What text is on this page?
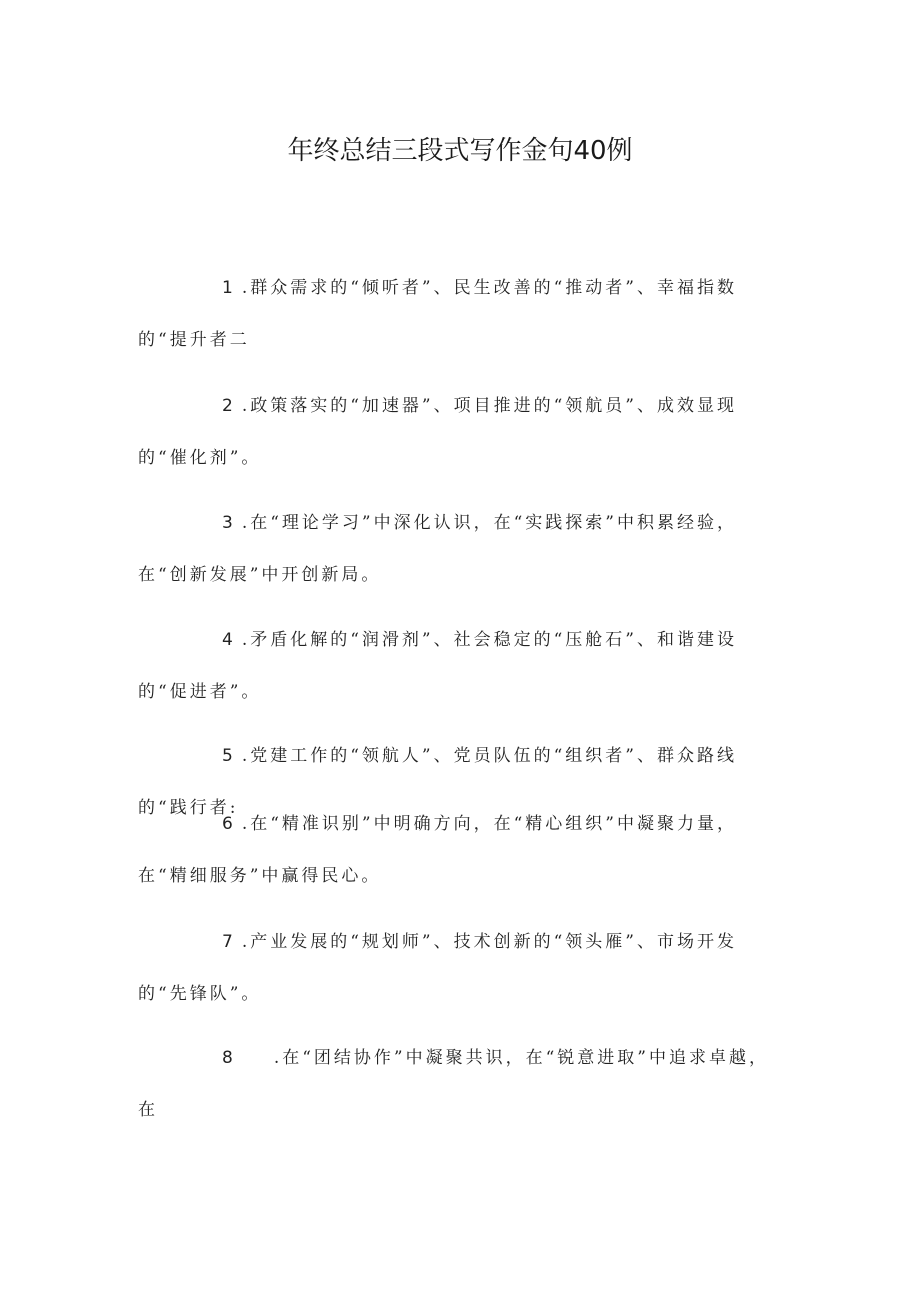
年终总结三段式写作金句40例
1 .群众需求的“倾听者”、民生改善的“推动者”、幸福指数的“提升者二
2 .政策落实的“加速器”、项目推进的“领航员”、成效显现的“催化剂”。
3 .在“理论学习”中深化认识，在“实践探索”中积累经验，在“创新发展”中开创新局。
4 .矛盾化解的“润滑剂”、社会稳定的“压舱石”、和谐建设的“促进者”。
5 .党建工作的“领航人”、党员队伍的“组织者”、群众路线的“践行者:
6 .在“精准识别”中明确方向，在“精心组织”中凝聚力量，在“精细服务”中赢得民心。
7 .产业发展的“规划师”、技术创新的“领头雁”、市场开发的“先锋队”。
8 .在“团结协作”中凝聚共识，在“锐意进取”中追求卓越，在
